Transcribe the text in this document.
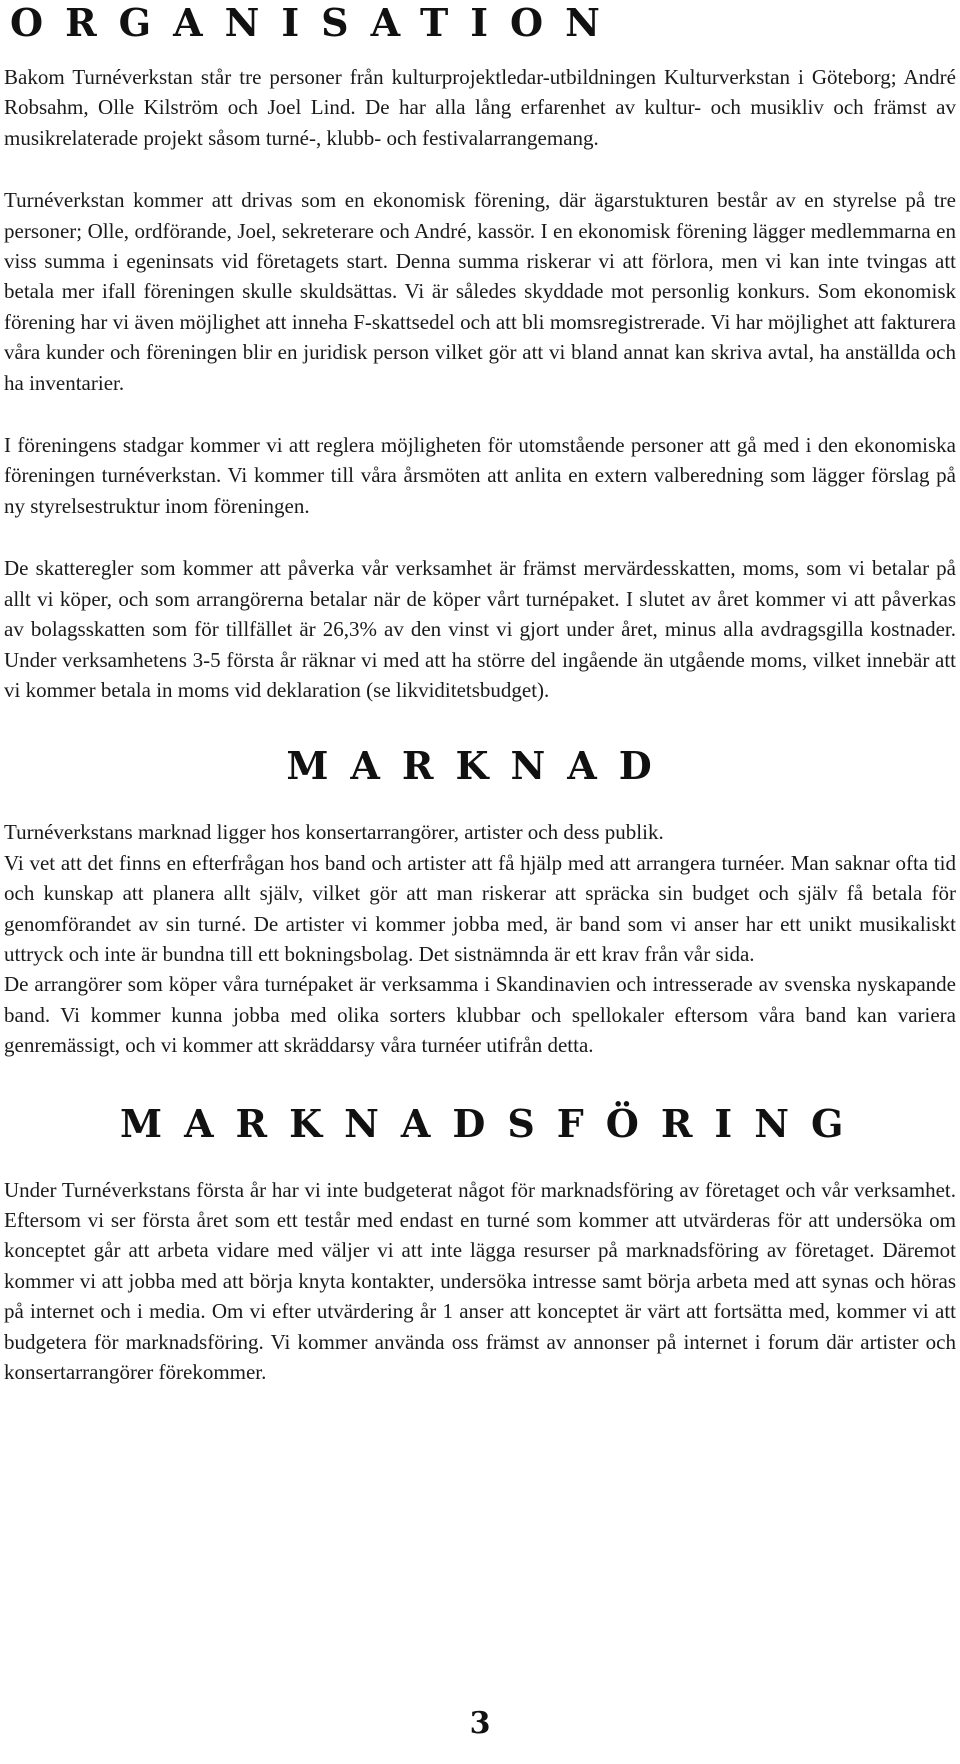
ORGANISATION

Bakom Turnéverkstan står tre personer från kulturprojektledar-utbildningen Kulturverkstan i Göteborg; André Robsahm, Olle Kilström och Joel Lind. De har alla lång erfarenhet av kultur- och musikliv och främst av musikrelaterade projekt såsom turné-, klubb- och festivalarrangemang.

Turnéverkstan kommer att drivas som en ekonomisk förening, där ägarstukturen består av en styrelse på tre personer; Olle, ordförande, Joel, sekreterare och André, kassör. I en ekonomisk förening lägger medlemmarna en viss summa i egeninsats vid företagets start. Denna summa riskerar vi att förlora, men vi kan inte tvingas att betala mer ifall föreningen skulle skuldsättas. Vi är således skyddade mot personlig konkurs. Som ekonomisk förening har vi även möjlighet att inneha F-skattsedel och att bli momsregistrerade. Vi har möjlighet att fakturera våra kunder och föreningen blir en juridisk person vilket gör att vi bland annat kan skriva avtal, ha anställda och ha inventarier.

I föreningens stadgar kommer vi att reglera möjligheten för utomstående personer att gå med i den ekonomiska föreningen turnéverkstan. Vi kommer till våra årsmöten att anlita en extern valberedning som lägger förslag på ny styrelsestruktur inom föreningen.

De skatteregler som kommer att påverka vår verksamhet är främst mervärdesskatten, moms, som vi betalar på allt vi köper, och som arrangörerna betalar när de köper vårt turnépaket. I slutet av året kommer vi att påverkas av bolagsskatten som för tillfället är 26,3% av den vinst vi gjort under året, minus alla avdragsgilla kostnader. Under verksamhetens 3-5 första år räknar vi med att ha större del ingående än utgående moms, vilket innebär att vi kommer betala in moms vid deklaration (se likviditetsbudget).

MARKNAD

Turnéverkstans marknad ligger hos konsertarrangörer, artister och dess publik.

Vi vet att det finns en efterfrågan hos band och artister att få hjälp med att arrangera turnéer. Man saknar ofta tid och kunskap att planera allt själv, vilket gör att man riskerar att spräcka sin budget och själv få betala för genomförandet av sin turné. De artister vi kommer jobba med, är band som vi anser har ett unikt musikaliskt uttryck och inte är bundna till ett bokningsbolag. Det sistnämnda är ett krav från vår sida.

De arrangörer som köper våra turnépaket är verksamma i Skandinavien och intresserade av svenska nyskapande band. Vi kommer kunna jobba med olika sorters klubbar och spellokaler eftersom våra band kan variera genremässigt, och vi kommer att skräddarsy våra turnéer utifrån detta.

MARKNADSFÖRING

Under Turnéverkstans första år har vi inte budgeterat något för marknadsföring av företaget och vår verksamhet. Eftersom vi ser första året som ett testår med endast en turné som kommer att utvärderas för att undersöka om konceptet går att arbeta vidare med väljer vi att inte lägga resurser på marknadsföring av företaget. Däremot kommer vi att jobba med att börja knyta kontakter, undersöka intresse samt börja arbeta med att synas och höras på internet och i media. Om vi efter utvärdering år 1 anser att konceptet är värt att fortsätta med, kommer vi att budgetera för marknadsföring. Vi kommer använda oss främst av annonser på internet i forum där artister och konsertarrangörer förekommer.

3
